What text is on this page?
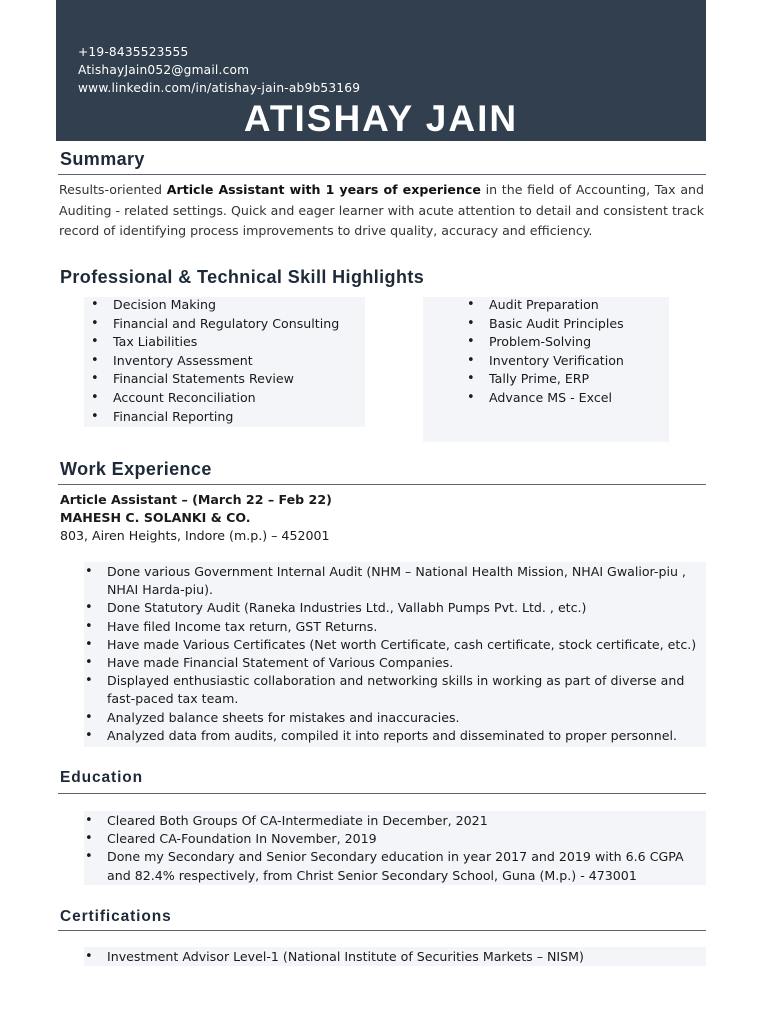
+19-8435523555
AtishayJain052@gmail.com
www.linkedin.com/in/atishay-jain-ab9b53169
ATISHAY JAIN
Summary
Results-oriented Article Assistant with 1 years of experience in the field of Accounting, Tax and Auditing - related settings. Quick and eager learner with acute attention to detail and consistent track record of identifying process improvements to drive quality, accuracy and efficiency.
Professional & Technical Skill Highlights
• Decision Making
• Financial and Regulatory Consulting
• Tax Liabilities
• Inventory Assessment
• Financial Statements Review
• Account Reconciliation
• Financial Reporting
• Audit Preparation
• Basic Audit Principles
• Problem-Solving
• Inventory Verification
• Tally Prime, ERP
• Advance MS - Excel
Work Experience
Article Assistant – (March 22 – Feb 22)
MAHESH C. SOLANKI & CO.
803, Airen Heights, Indore (m.p.) – 452001
• Done various Government Internal Audit (NHM – National Health Mission, NHAI Gwalior-piu , NHAI Harda-piu).
• Done Statutory Audit (Raneka Industries Ltd., Vallabh Pumps Pvt. Ltd. , etc.)
• Have filed Income tax return, GST Returns.
• Have made Various Certificates (Net worth Certificate, cash certificate, stock certificate, etc.)
• Have made Financial Statement of Various Companies.
• Displayed enthusiastic collaboration and networking skills in working as part of diverse and fast-paced tax team.
• Analyzed balance sheets for mistakes and inaccuracies.
• Analyzed data from audits, compiled it into reports and disseminated to proper personnel.
Education
• Cleared Both Groups Of CA-Intermediate in December, 2021
• Cleared CA-Foundation In November, 2019
• Done my Secondary and Senior Secondary education in year 2017 and 2019 with 6.6 CGPA and 82.4% respectively, from Christ Senior Secondary School, Guna (M.p.) - 473001
Certifications
• Investment Advisor Level-1 (National Institute of Securities Markets – NISM)
